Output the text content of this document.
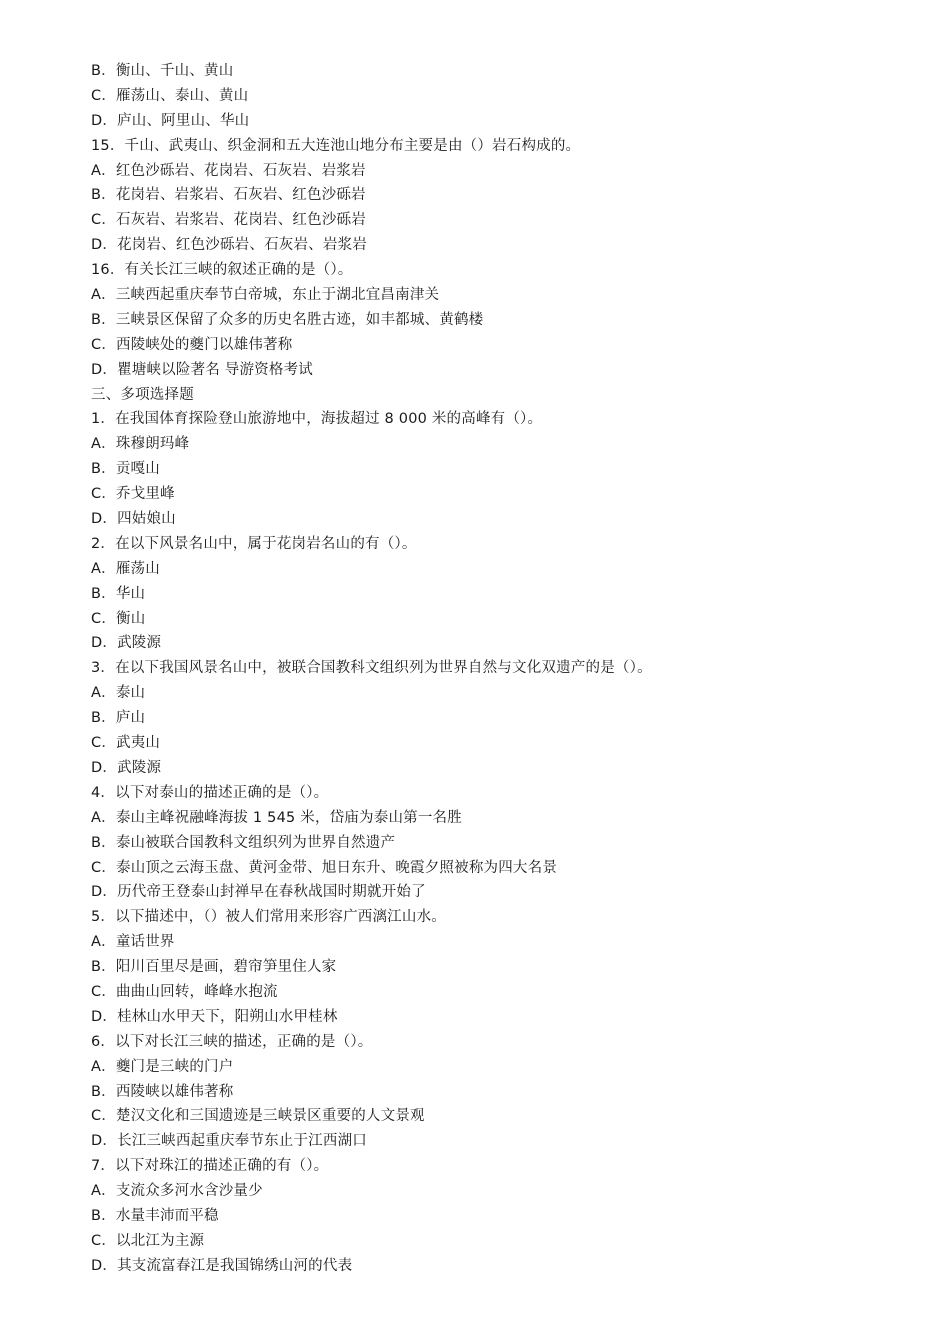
B．衡山、千山、黄山
C．雁荡山、泰山、黄山
D．庐山、阿里山、华山
15．千山、武夷山、织金洞和五大连池山地分布主要是由（）岩石构成的。
A．红色沙砾岩、花岗岩、石灰岩、岩浆岩
B．花岗岩、岩浆岩、石灰岩、红色沙砾岩
C．石灰岩、岩浆岩、花岗岩、红色沙砾岩
D．花岗岩、红色沙砾岩、石灰岩、岩浆岩
16．有关长江三峡的叙述正确的是（）。
A．三峡西起重庆奉节白帝城，东止于湖北宜昌南津关
B．三峡景区保留了众多的历史名胜古迹，如丰都城、黄鹤楼
C．西陵峡处的夔门以雄伟著称
D．瞿塘峡以险著名 导游资格考试
三、多项选择题
1．在我国体育探险登山旅游地中，海拔超过 8 000 米的高峰有（）。
A．珠穆朗玛峰
B．贡嘎山
C．乔戈里峰
D．四姑娘山
2．在以下风景名山中，属于花岗岩名山的有（）。
A．雁荡山
B．华山
C．衡山
D．武陵源
3．在以下我国风景名山中，被联合国教科文组织列为世界自然与文化双遗产的是（）。
A．泰山
B．庐山
C．武夷山
D．武陵源
4．以下对泰山的描述正确的是（）。
A．泰山主峰祝融峰海拔 1 545 米，岱庙为泰山第一名胜
B．泰山被联合国教科文组织列为世界自然遗产
C．泰山顶之云海玉盘、黄河金带、旭日东升、晚霞夕照被称为四大名景
D．历代帝王登泰山封禅早在春秋战国时期就开始了
5．以下描述中，（）被人们常用来形容广西漓江山水。
A．童话世界
B．阳川百里尽是画，碧帘笋里住人家
C．曲曲山回转，峰峰水抱流
D．桂林山水甲天下，阳朔山水甲桂林
6．以下对长江三峡的描述，正确的是（）。
A．夔门是三峡的门户
B．西陵峡以雄伟著称
C．楚汉文化和三国遗迹是三峡景区重要的人文景观
D．长江三峡西起重庆奉节东止于江西湖口
7．以下对珠江的描述正确的有（）。
A．支流众多河水含沙量少
B．水量丰沛而平稳
C．以北江为主源
D．其支流富春江是我国锦绣山河的代表
